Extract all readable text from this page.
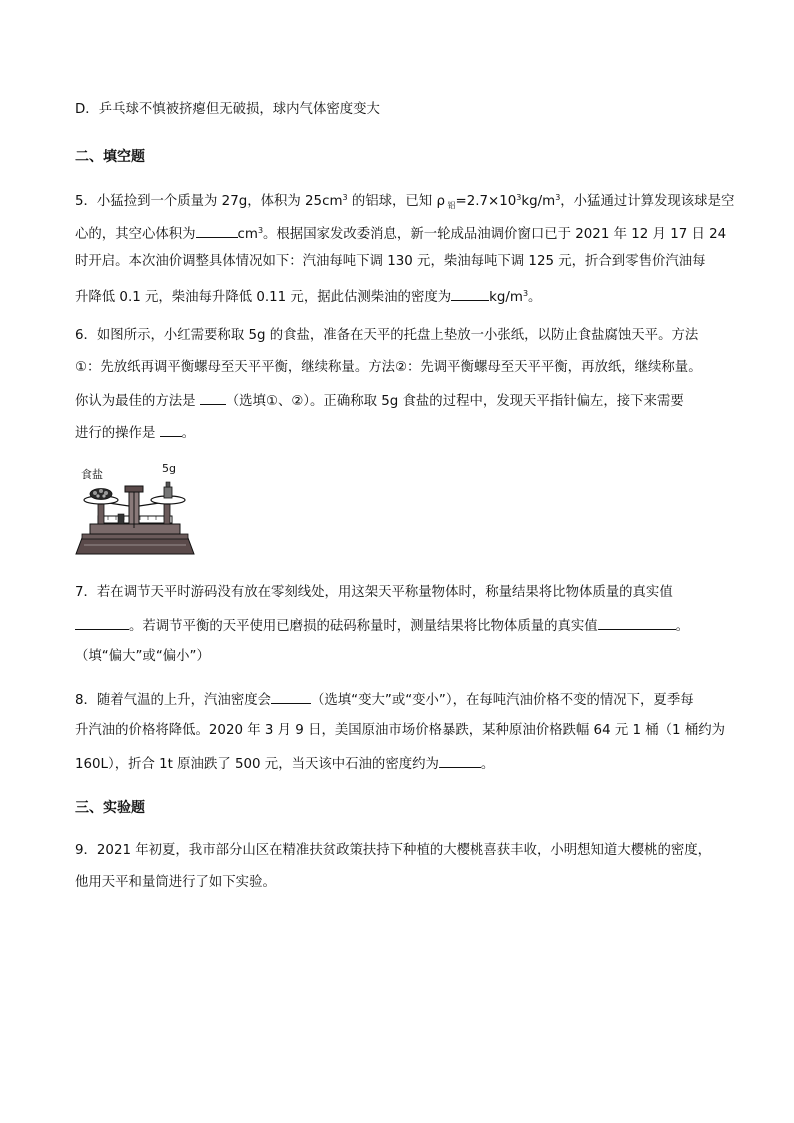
D．乒乓球不慎被挤瘪但无破损，球内气体密度变大
二、填空题
5．小猛捡到一个质量为 27g，体积为 $25cm^3$ 的铝球，已知 ρ $_铝=2.7\times 10^3kg/m^3$，小猛通过计算发现该球是空
心的，其空心体积为	$cm^3$。根据国家发改委消息，新一轮成品油调价窗口已于 2021 年 12 月 17 日 24
时开启。本次油价调整具体情况如下：汽油每吨下调 130 元，柴油每吨下调 125 元，折合到零售价汽油每
升降低 0.1 元，柴油每升降低 0.11 元，据此估测柴油的密度为	$kg/m^3$。
6．如图所示，小红需要称取 5g 的食盐，准备在天平的托盘上垫放一小张纸，以防止食盐腐蚀天平。方法
①：先放纸再调平衡螺母至天平平衡，继续称量。方法②：先调平衡螺母至天平平衡，再放纸，继续称量。
你认为最佳的方法是 （选填①、②）。正确称取 5g 食盐的过程中，发现天平指针偏左，接下来需要
进行的操作是 。
食盐	5g
7．若在调节天平时游码没有放在零刻线处，用这架天平称量物体时，称量结果将比物体质量的真实值
。若调节平衡的天平使用已磨损的砝码称量时，测量结果将比物体质量的真实值	。
（填“偏大”或“偏小”）
8．随着气温的上升，汽油密度会	（选填“变大”或“变小”），在每吨汽油价格不变的情况下，夏季每
升汽油的价格将降低。2020 年 3 月 9 日，美国原油市场价格暴跌，某种原油价格跌幅 64 元 1 桶（1 桶约为
160L），折合 1t 原油跌了 500 元，当天该中石油的密度约为	。
三、实验题
9．2021 年初夏，我市部分山区在精准扶贫政策扶持下种植的大樱桃喜获丰收，小明想知道大樱桃的密度，
他用天平和量筒进行了如下实验。
